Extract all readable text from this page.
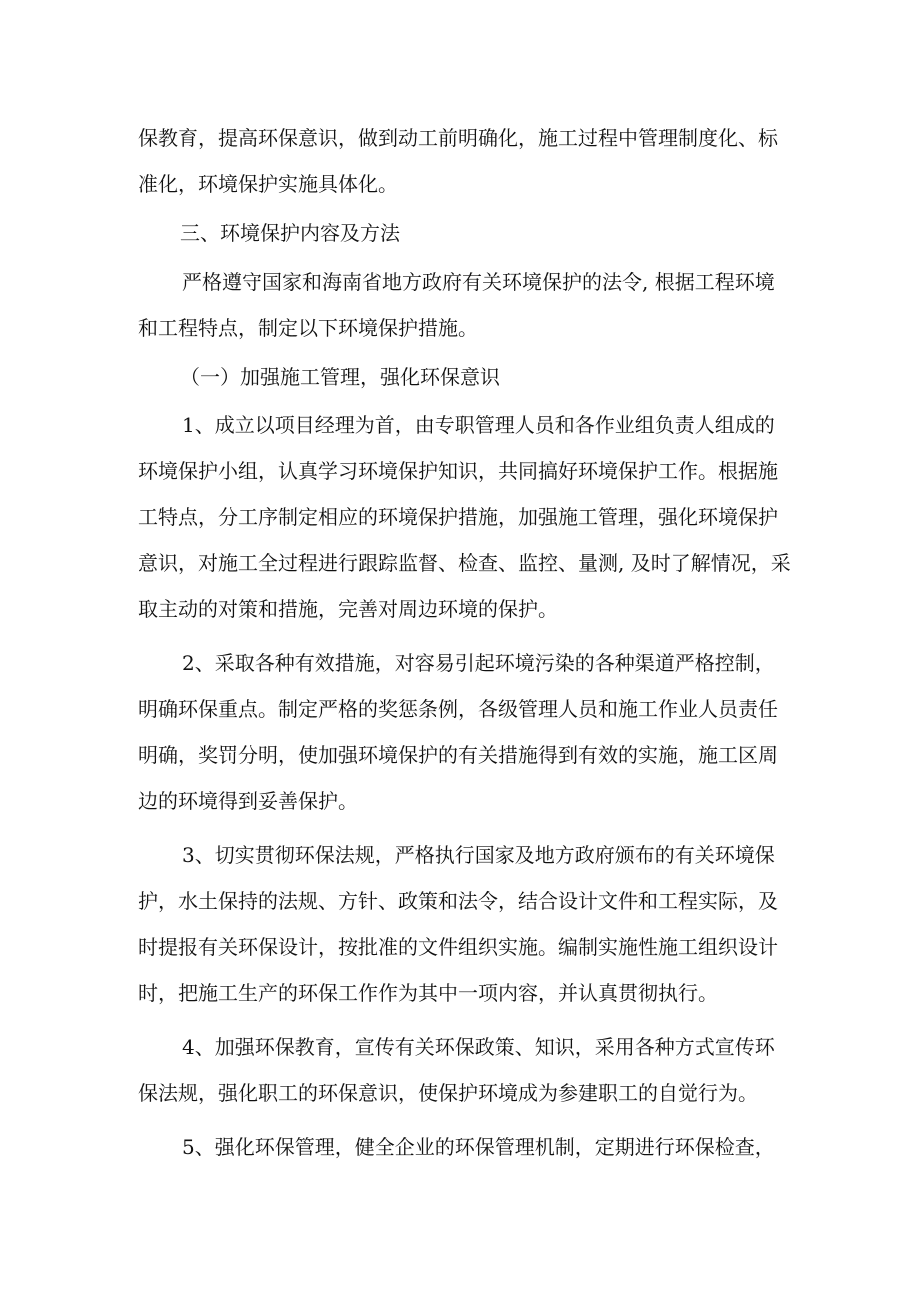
保教育，提高环保意识，做到动工前明确化，施工过程中管理制度化、标
准化，环境保护实施具体化。
三、环境保护内容及方法
严格遵守国家和海南省地方政府有关环境保护的法令, 根据工程环境
和工程特点，制定以下环境保护措施。
（一）加强施工管理，强化环保意识
1、成立以项目经理为首，由专职管理人员和各作业组负责人组成的
环境保护小组，认真学习环境保护知识，共同搞好环境保护工作。根据施
工特点，分工序制定相应的环境保护措施，加强施工管理，强化环境保护
意识，对施工全过程进行跟踪监督、检查、监控、量测, 及时了解情况，采
取主动的对策和措施，完善对周边环境的保护。
2、采取各种有效措施，对容易引起环境污染的各种渠道严格控制，
明确环保重点。制定严格的奖惩条例，各级管理人员和施工作业人员责任
明确，奖罚分明，使加强环境保护的有关措施得到有效的实施，施工区周
边的环境得到妥善保护。
3、切实贯彻环保法规，严格执行国家及地方政府颁布的有关环境保
护，水土保持的法规、方针、政策和法令，结合设计文件和工程实际，及
时提报有关环保设计，按批准的文件组织实施。编制实施性施工组织设计
时，把施工生产的环保工作作为其中一项内容，并认真贯彻执行。
4、加强环保教育，宣传有关环保政策、知识，采用各种方式宣传环
保法规，强化职工的环保意识，使保护环境成为参建职工的自觉行为。
5、强化环保管理，健全企业的环保管理机制，定期进行环保检查，
